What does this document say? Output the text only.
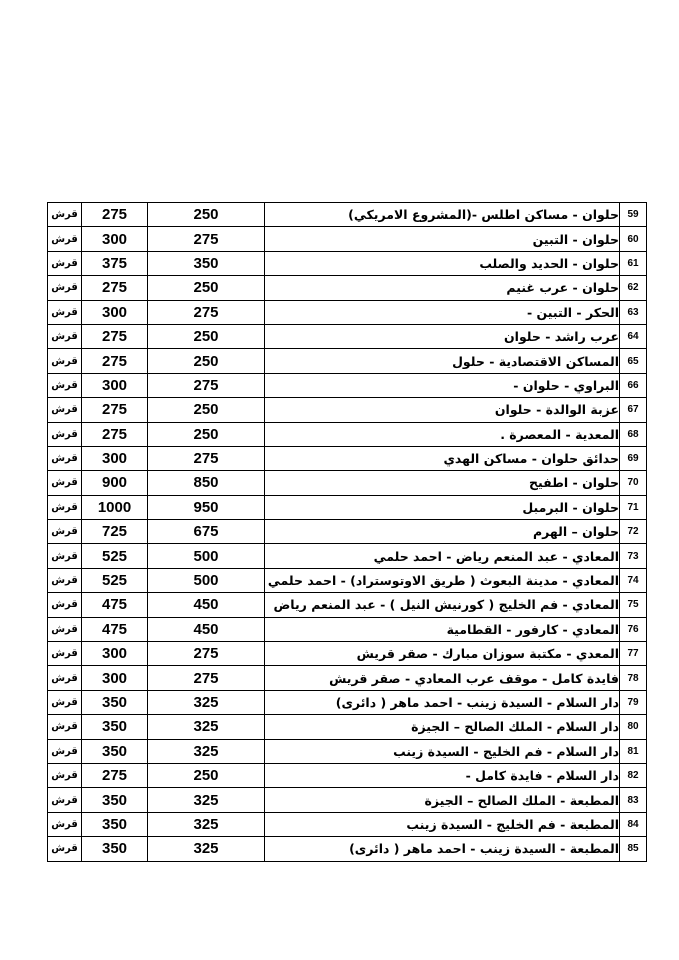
قرش	275	250	حلوان - مساكن اطلس -(المشروع الامريكي)	59
قرش	300	275	حلوان - التبين	60
قرش	375	350	حلوان - الحديد والصلب	61
قرش	275	250	حلوان - عرب غنيم	62
قرش	300	275	الحكر - التبين -	63
قرش	275	250	عرب راشد - حلوان	64
قرش	275	250	المساكن الاقتصادية - حلول	65
قرش	300	275	البراوي - حلوان -	66
قرش	275	250	عزبة الوالدة - حلوان	67
قرش	275	250	المعدية - المعصرة .	68
قرش	300	275	حدائق حلوان - مساكن الهدي	69
قرش	900	850	حلوان - اطفيح	70
قرش	1000	950	حلوان - البرمبل	71
قرش	725	675	حلوان – الهرم	72
قرش	525	500	المعادي - عبد المنعم رياض - احمد حلمي	73
قرش	525	500	المعادي - مدينة البعوث ( طريق الاوتوستراد) - احمد حلمي	74
قرش	475	450	المعادي - فم الخليج ( كورنيش النيل ) - عبد المنعم رياض	75
قرش	475	450	المعادي - كارفور - القطامية	76
قرش	300	275	المعدي - مكتبة سوزان مبارك - صقر قريش	77
قرش	300	275	فايدة كامل - موقف عرب المعادي - صقر قريش	78
قرش	350	325	دار السلام - السيدة زينب - احمد ماهر ( دائرى)	79
قرش	350	325	دار السلام - الملك الصالح – الجيزة	80
قرش	350	325	دار السلام - فم الخليج - السيدة زينب	81
قرش	275	250	دار السلام - فايدة كامل -	82
قرش	350	325	المطبعة - الملك الصالح – الجيزة	83
قرش	350	325	المطبعة - فم الخليج - السيدة زينب	84
قرش	350	325	المطبعة - السيدة زينب - احمد ماهر ( دائرى)	85
